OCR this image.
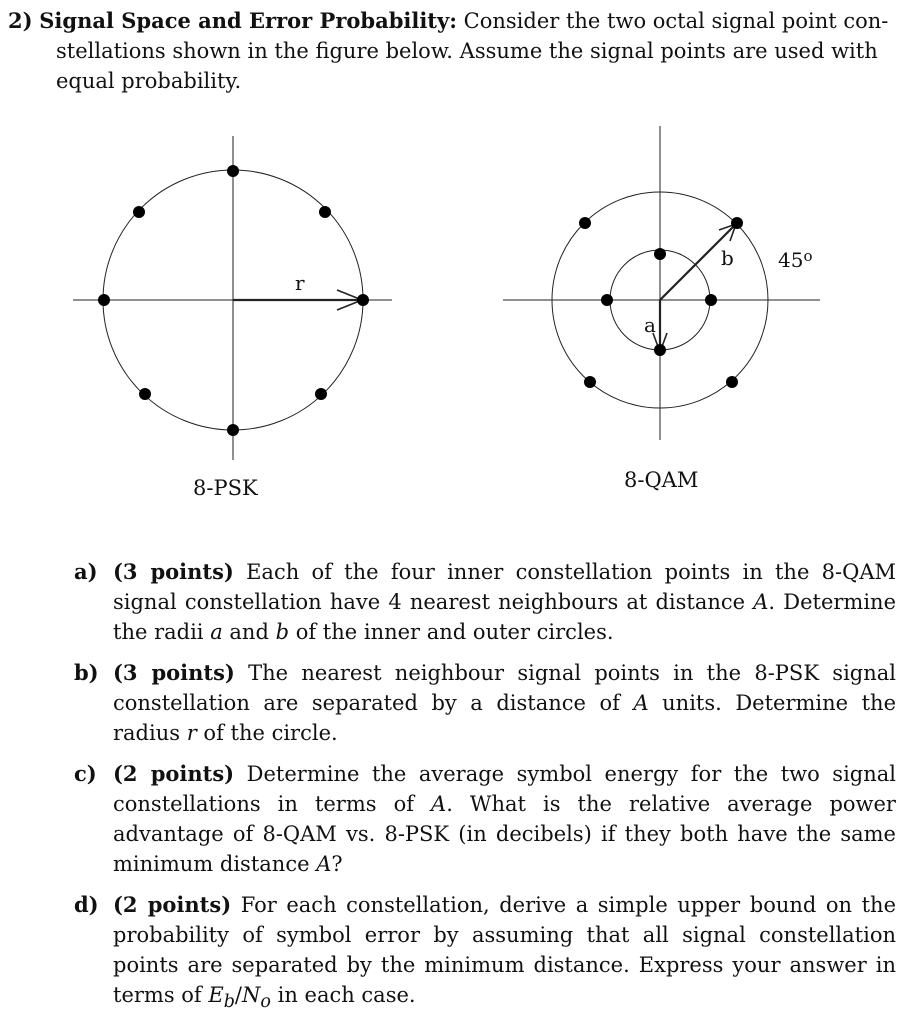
2) Signal Space and Error Probability: Consider the two octal signal point con-
stellations shown in the figure below. Assume the signal points are used with
equal probability.
r
b
a
45$^o$
8-PSK	8-QAM
a) (3 points) Each of the four inner constellation points in the 8-QAM signal constellation have 4 nearest neighbours at distance A. Determine the radii a and b of the inner and outer circles.
b) (3 points) The nearest neighbour signal points in the 8-PSK signal constellation are separated by a distance of A units. Determine the radius r of the circle.
c) (2 points) Determine the average symbol energy for the two signal constellations in terms of A. What is the relative average power advantage of 8-QAM vs. 8-PSK (in decibels) if they both have the same minimum distance A?
d) (2 points) For each constellation, derive a simple upper bound on the probability of symbol error by assuming that all signal constellation points are separated by the minimum distance. Express your answer in terms of $E_b/N_o$ in each case.
